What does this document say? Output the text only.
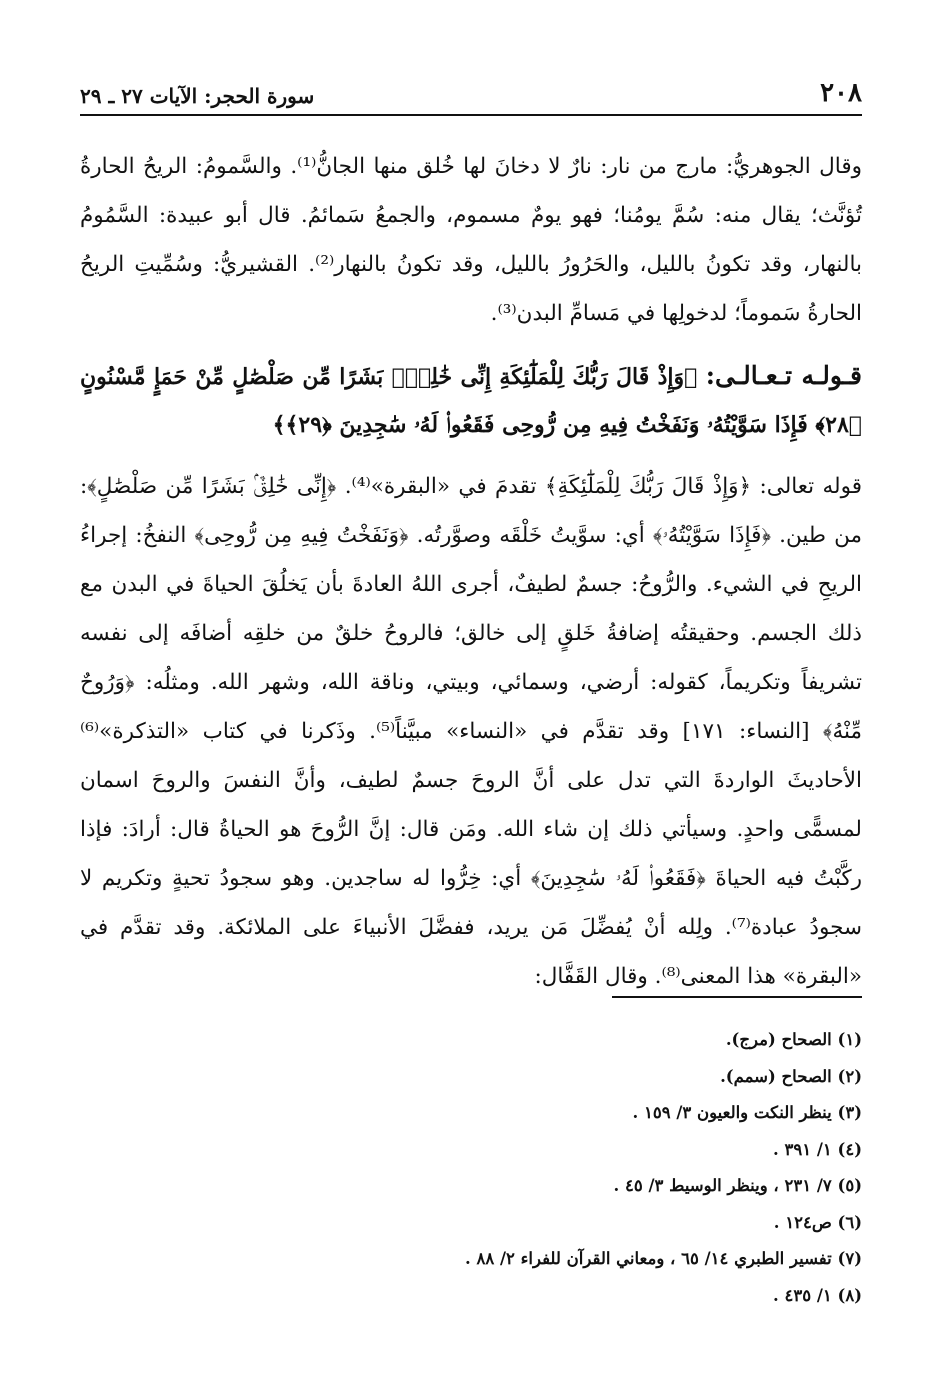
٢٠٨
سورة الحجر: الآيات ٢٧ ـ ٢٩
وقال الجوهريُّ: مارج من نار: نارٌ لا دخانَ لها خُلق منها الجانُّ⁽¹⁾. والسَّمومُ: الريحُ الحارةُ تُؤنَّث؛ يقال منه: سُمَّ يومُنا؛ فهو يومٌ مسموم، والجمعُ سَمائمُ. قال أبو عبيدة: السَّمُومُ بالنهار، وقد تكونُ بالليل، والحَرُورُ بالليل، وقد تكونُ بالنهار⁽²⁾. القشيريُّ: وسُمِّيتِ الريحُ الحارةُ سَموماً؛ لدخولِها في مَسامِّ البدن⁽³⁾.
قـولـه تـعـالـى: ﴿وَإِذْ قَالَ رَبُّكَ لِلْمَلَٰٓئِكَةِ إِنِّى خَٰلِقٌۢ بَشَرًا مِّن صَلْصَٰلٍ مِّنْ حَمَإٍ مَّسْنُونٍ ﴿٢٨﴾ فَإِذَا سَوَّيْتُهُۥ وَنَفَخْتُ فِيهِ مِن رُّوحِى فَقَعُوا۟ لَهُۥ سَٰجِدِينَ ﴿٢٩﴾﴾
قوله تعالى: ﴿وَإِذْ قَالَ رَبُّكَ لِلْمَلَٰٓئِكَةِ﴾ تقدمَ في «البقرة»⁽⁴⁾. ﴿إِنِّى خَٰلِقٌۢ بَشَرًا مِّن صَلْصَٰلٍ﴾: من طين. ﴿فَإِذَا سَوَّيْتُهُۥ﴾ أي: سوَّيتُ خَلْقَه وصوَّرتُه. ﴿وَنَفَخْتُ فِيهِ مِن رُّوحِى﴾ النفخُ: إجراءُ الريحِ في الشيء. والرُّوحُ: جسمٌ لطيفٌ، أجرى اللهُ العادةَ بأن يَخلُقَ الحياةَ في البدن مع ذلك الجسم. وحقيقتُه إضافةُ خَلقٍ إلى خالق؛ فالروحُ خلقٌ من خلقِه أضافَه إلى نفسه تشريفاً وتكريماً، كقوله: أرضي، وسمائي، وبيتي، وناقة الله، وشهر الله. ومثلُه: ﴿وَرُوحٌ مِّنْهُ﴾ [النساء: ١٧١] وقد تقدَّم في «النساء» مبيَّناً⁽⁵⁾. وذَكرنا في كتاب «التذكرة»⁽⁶⁾ الأحاديثَ الواردةَ التي تدل على أنَّ الروحَ جسمٌ لطيف، وأنَّ النفسَ والروحَ اسمان لمسمًّى واحدٍ. وسيأتي ذلك إن شاء الله. ومَن قال: إنَّ الرُّوحَ هو الحياةُ قال: أرادَ: فإذا ركَّبْتُ فيه الحياةَ ﴿فَقَعُوا۟ لَهُۥ سَٰجِدِينَ﴾ أي: خِرُّوا له ساجدين. وهو سجودُ تحيةٍ وتكريم لا سجودُ عبادة⁽⁷⁾. ولِله أنْ يُفضِّلَ مَن يريد، ففضَّلَ الأنبياءَ على الملائكة. وقد تقدَّم في «البقرة» هذا المعنى⁽⁸⁾. وقال القَفَّال:
(١) الصحاح (مرج).
(٢) الصحاح (سمم).
(٣) ينظر النكت والعيون ٣/ ١٥٩ .
(٤) ١/ ٣٩١ .
(٥) ٧/ ٢٣١ ، وينظر الوسيط ٣/ ٤٥ .
(٦) ص١٢٤ .
(٧) تفسير الطبري ١٤/ ٦٥ ، ومعاني القرآن للفراء ٢/ ٨٨ .
(٨) ١/ ٤٣٥ .
